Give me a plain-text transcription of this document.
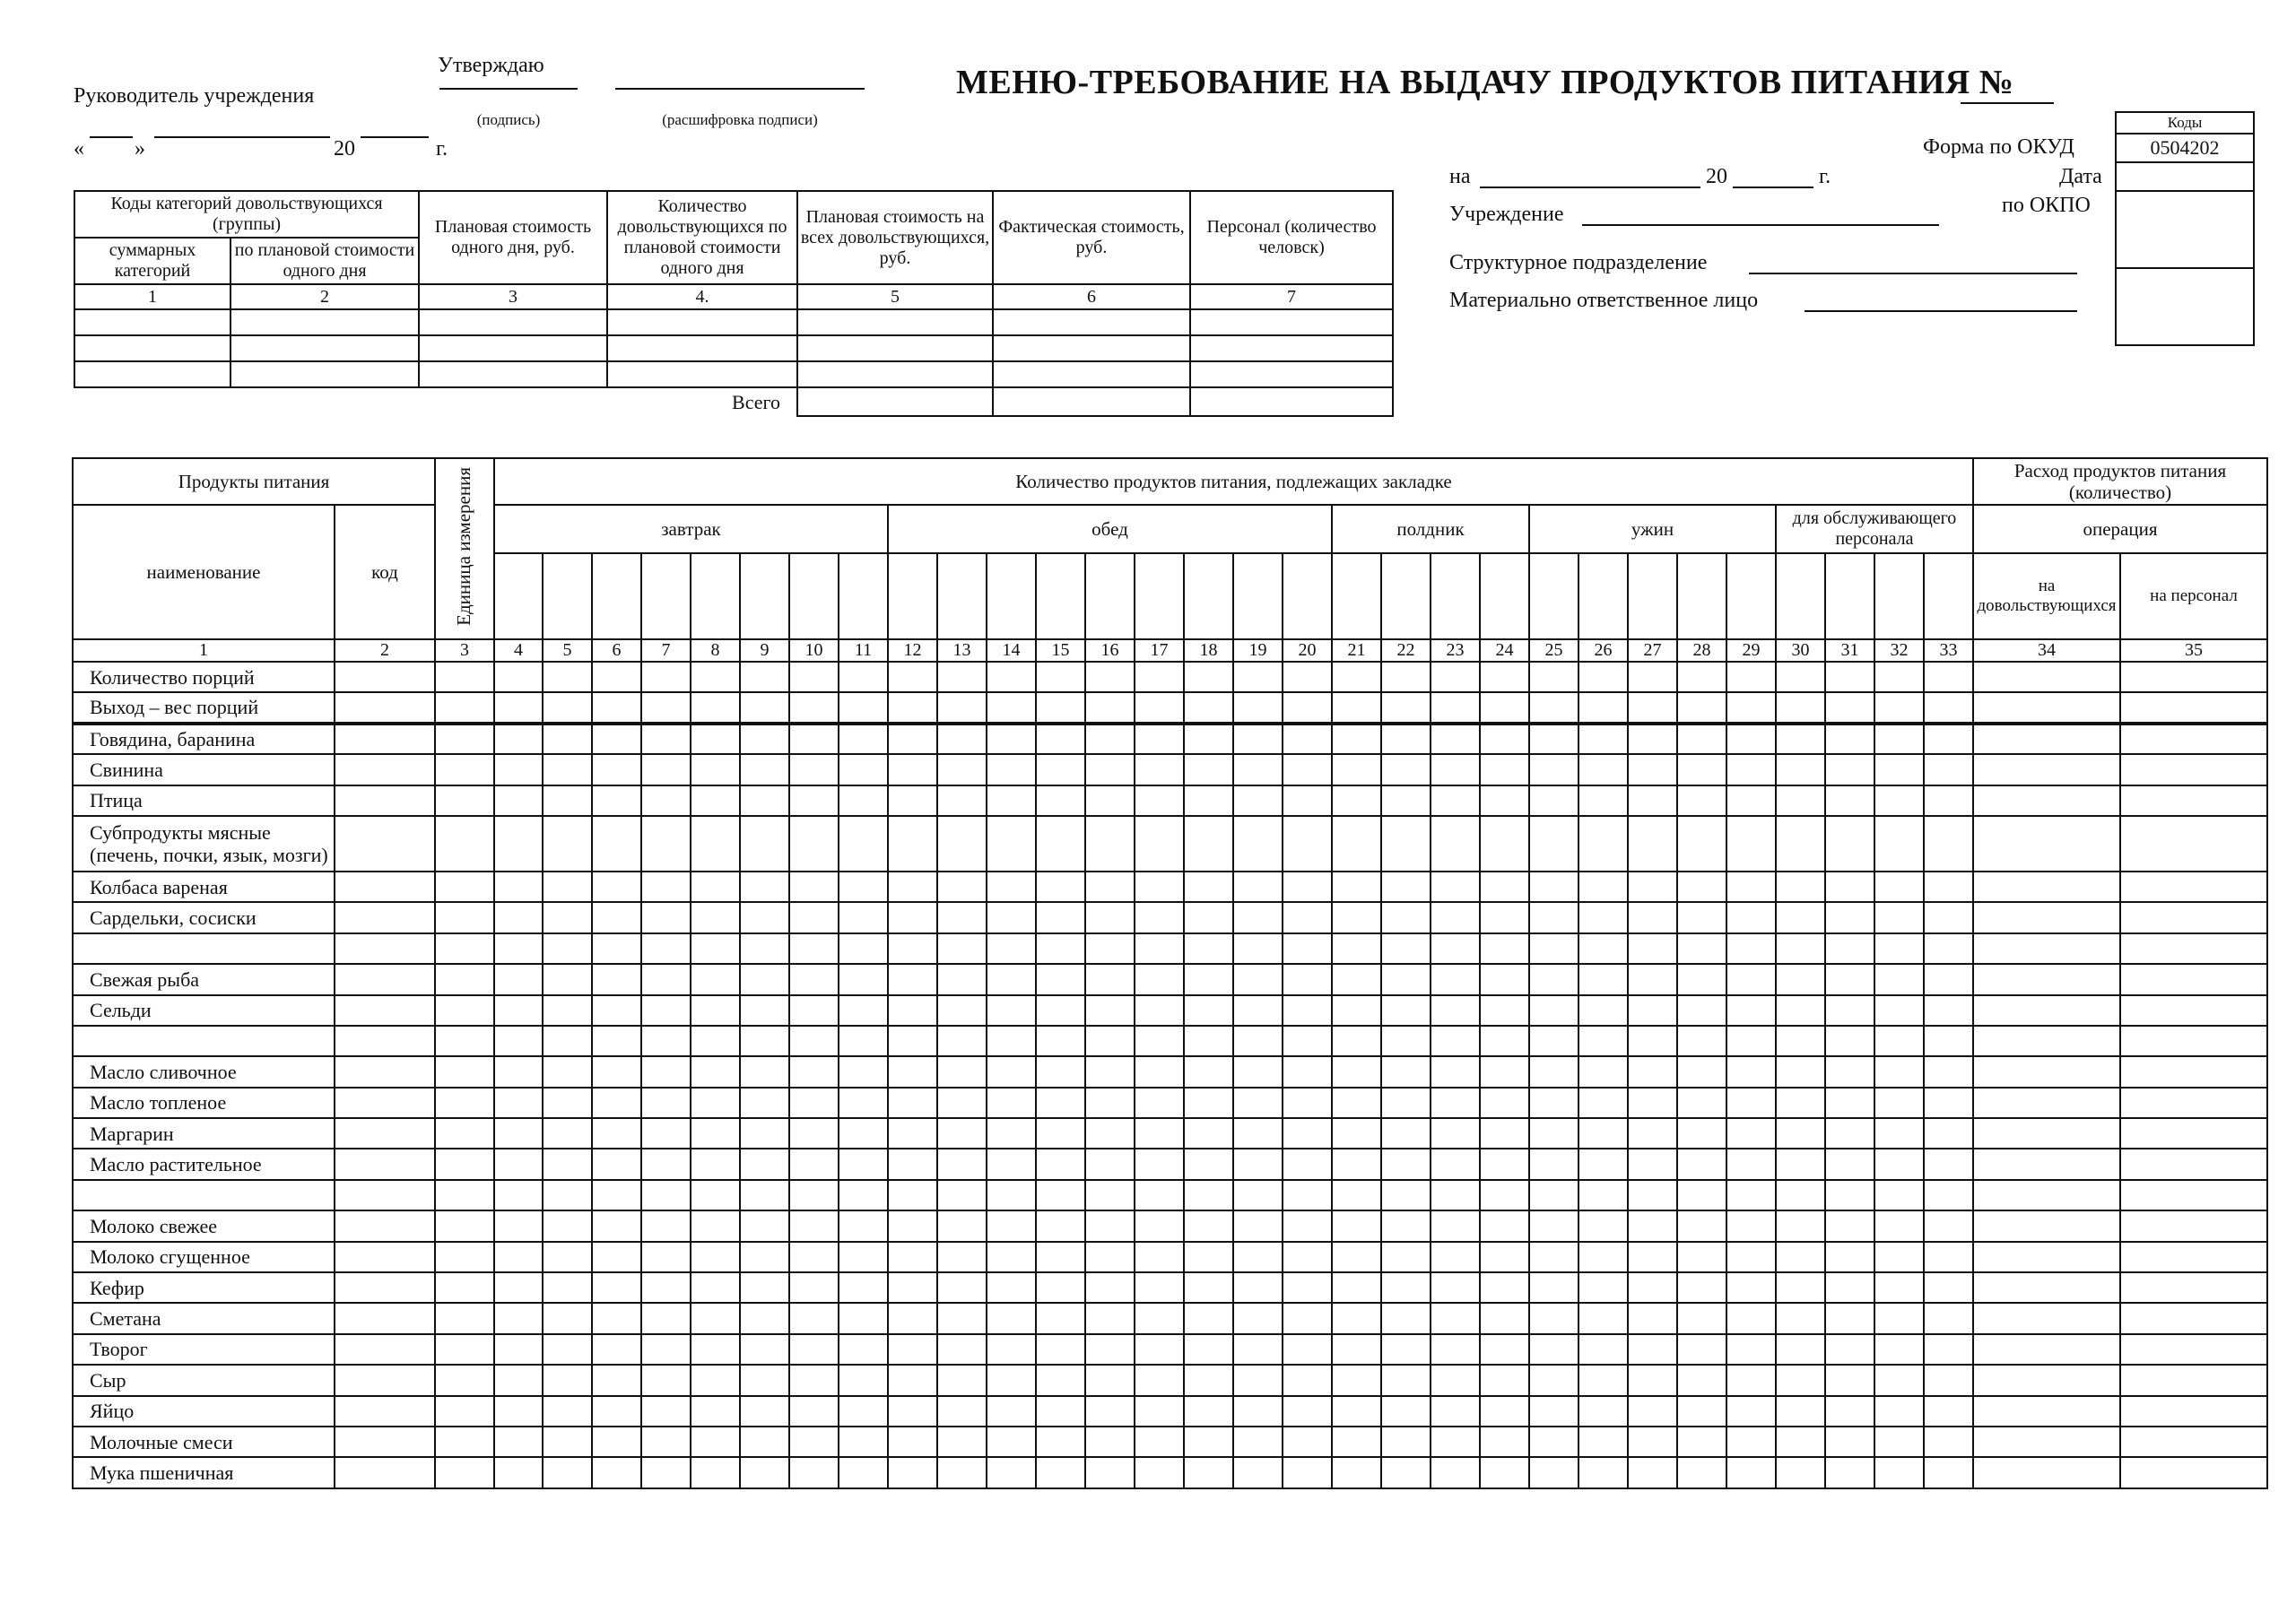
Руководитель учреждения
Утверждаю
(подпись)	(расшифровка подписи)
« »	20	г.
МЕНЮ-ТРЕБОВАНИЕ НА ВЫДАЧУ ПРОДУКТОВ ПИТАНИЯ №
Форма по ОКУД
Дата
по ОКПО
Коды
0504202

на	20	г.
Учреждение
Структурное подразделение
Материально ответственное лицо
Коды категорий довольствующихся (группы)		Плановая стоимость одного дня, руб.	Количество довольствующихся по плановой стоимости одного дня	Плановая стоимость на всех довольствующихся, руб.	Фактическая стоимость, руб.	Персонал (количество человск)
суммарных категорий	по плановой стоимости одного дня					
1	2	3	4.	5	6	7

			Всего			
Продукты питания		Единица измерения	Количество продуктов питания, подлежащих закладке																														Расход продуктов питания (количество)	
наименование	код		завтрак								обед									полдник				ужин					для обслуживающего персонала				операция	
																																	на довольствующихся	на персонал
1	2	3	4	5	6	7	8	9	10	11	12	13	14	15	16	17	18	19	20	21	22	23	24	25	26	27	28	29	30	31	32	33	34	35
Количество порций																																		
Выход – вес порций																																		
Говядина, баранина																																		
Свинина																																		
Птица																																		
Субпродукты мясные (печень, почки, язык, мозги)																																		
Колбаса вареная																																		
Сардельки, сосиски																																		

Свежая рыба																																		
Сельди																																		

Масло сливочное																																		
Масло топленое																																		
Маргарин																																		
Масло растительное																																		

Молоко свежее																																		
Молоко сгущенное																																		
Кефир																																		
Сметана																																		
Творог																																		
Сыр																																		
Яйцо																																		
Молочные смеси																																		
Мука пшеничная																																		
